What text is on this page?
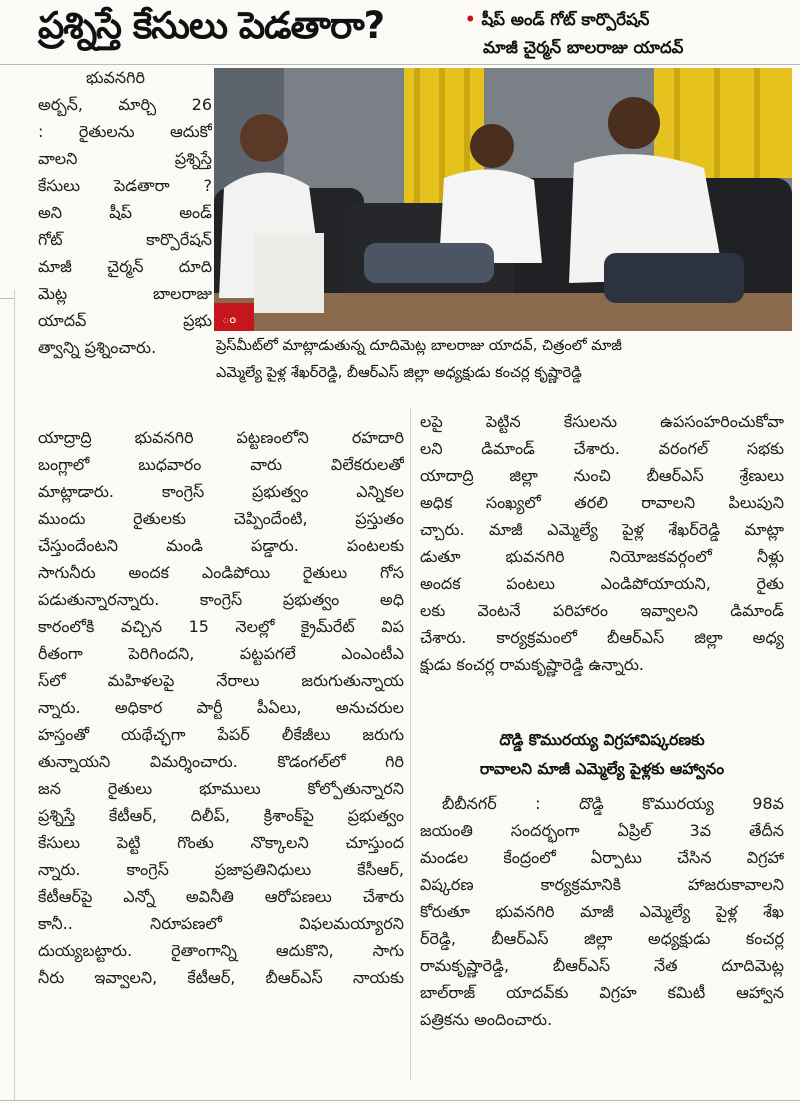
ప్రశ్నిస్తే కేసులు పెడతారా?	• షీప్ అండ్ గోట్ కార్పొరేషన్
మాజీ చైర్మన్ బాలరాజు యాదవ్
భువనగిరి
అర్బన్, మార్చి 26
: రైతులను ఆదుకో
వాలని ప్రశ్నిస్తే
కేసులు పెడతారా ?
అని షీప్ అండ్
గోట్ కార్పొరేషన్
మాజీ చైర్మన్ దూది
మెట్ల బాలరాజు
యాదవ్ ప్రభు
త్వాన్ని ప్రశ్నించారు.
ం
ప్రెస్‌మీట్‌లో మాట్లాడుతున్న దూదిమెట్ల బాలరాజు యాదవ్, చిత్రంలో మాజీ
ఎమ్మెల్యే పైళ్ల శేఖర్‌రెడ్డి, బీఆర్‌ఎస్ జిల్లా అధ్యక్షుడు కంచర్ల కృష్ణారెడ్డి
యాద్రాద్రి భువనగిరి పట్టణంలోని రహదారి
బంగ్లాలో బుధవారం వారు విలేకరులతో
మాట్లాడారు. కాంగ్రెస్ ప్రభుత్వం ఎన్నికల
ముందు రైతులకు చెప్పిందేంటి, ప్రస్తుతం
చేస్తుందేంటని మండి పడ్డారు. పంటలకు
సాగునీరు అందక ఎండిపోయి రైతులు గోస
పడుతున్నారన్నారు. కాంగ్రెస్ ప్రభుత్వం అధి
కారంలోకి వచ్చిన 15 నెలల్లో క్రైమ్‌రేట్ విప
రీతంగా పెరిగిందని, పట్టపగలే ఎంఎంటీఎ
స్‌లో మహిళలపై నేరాలు జరుగుతున్నాయ
న్నారు. అధికార పార్టీ పీఏలు, అనుచరుల
హస్తంతో యథేచ్ఛగా పేపర్ లీకేజీలు జరుగు
తున్నాయని విమర్శించారు. కొడంగల్‌లో గిరి
జన రైతులు భూములు కోల్పోతున్నారని
ప్రశ్నిస్తే కేటీఆర్, దిలీప్, క్రిశాంక్‌పై ప్రభుత్వం
కేసులు పెట్టి గొంతు నొక్కాలని చూస్తుంద
న్నారు. కాంగ్రెస్ ప్రజాప్రతినిధులు కేసీఆర్,
కేటీఆర్‌పై ఎన్నో అవినీతి ఆరోపణలు చేశారు
కానీ.. నిరూపణలో విఫలమయ్యారని
దుయ్యబట్టారు. రైతాంగాన్ని ఆదుకొని, సాగు
నీరు ఇవ్వాలని, కేటీఆర్, బీఆర్‌ఎస్ నాయకు
లపై పెట్టిన కేసులను ఉపసంహరించుకోవా
లని డిమాండ్ చేశారు. వరంగల్ సభకు
యాదాద్రి జిల్లా నుంచి బీఆర్‌ఎస్ శ్రేణులు
అధిక సంఖ్యలో తరలి రావాలని పిలుపుని
చ్చారు. మాజీ ఎమ్మెల్యే పైళ్ల శేఖర్‌రెడ్డి మాట్లా
డుతూ భువనగిరి నియోజకవర్గంలో నీళ్లు
అందక పంటలు ఎండిపోయాయని, రైతు
లకు వెంటనే పరిహారం ఇవ్వాలని డిమాండ్
చేశారు. కార్యక్రమంలో బీఆర్‌ఎస్ జిల్లా అధ్య
క్షుడు కంచర్ల రామకృష్ణారెడ్డి ఉన్నారు.
దొడ్డి కొమురయ్య విగ్రహావిష్కరణకు
రావాలని మాజీ ఎమ్మెల్యే పైళ్లకు ఆహ్వానం
బీబీనగర్ : దొడ్డి కొమురయ్య 98వ
జయంతి సందర్భంగా ఏప్రిల్ 3వ తేదీన
మండల కేంద్రంలో ఏర్పాటు చేసిన విగ్రహా
విష్కరణ కార్యక్రమానికి హాజరుకావాలని
కోరుతూ భువనగిరి మాజీ ఎమ్మెల్యే పైళ్ల శేఖ
ర్‌రెడ్డి, బీఆర్‌ఎస్ జిల్లా అధ్యక్షుడు కంచర్ల
రామకృష్ణారెడ్డి, బీఆర్‌ఎస్ నేత దూదిమెట్ల
బాల్‌రాజ్ యాదవ్‌కు విగ్రహ కమిటీ ఆహ్వాన
పత్రికను అందించారు.
